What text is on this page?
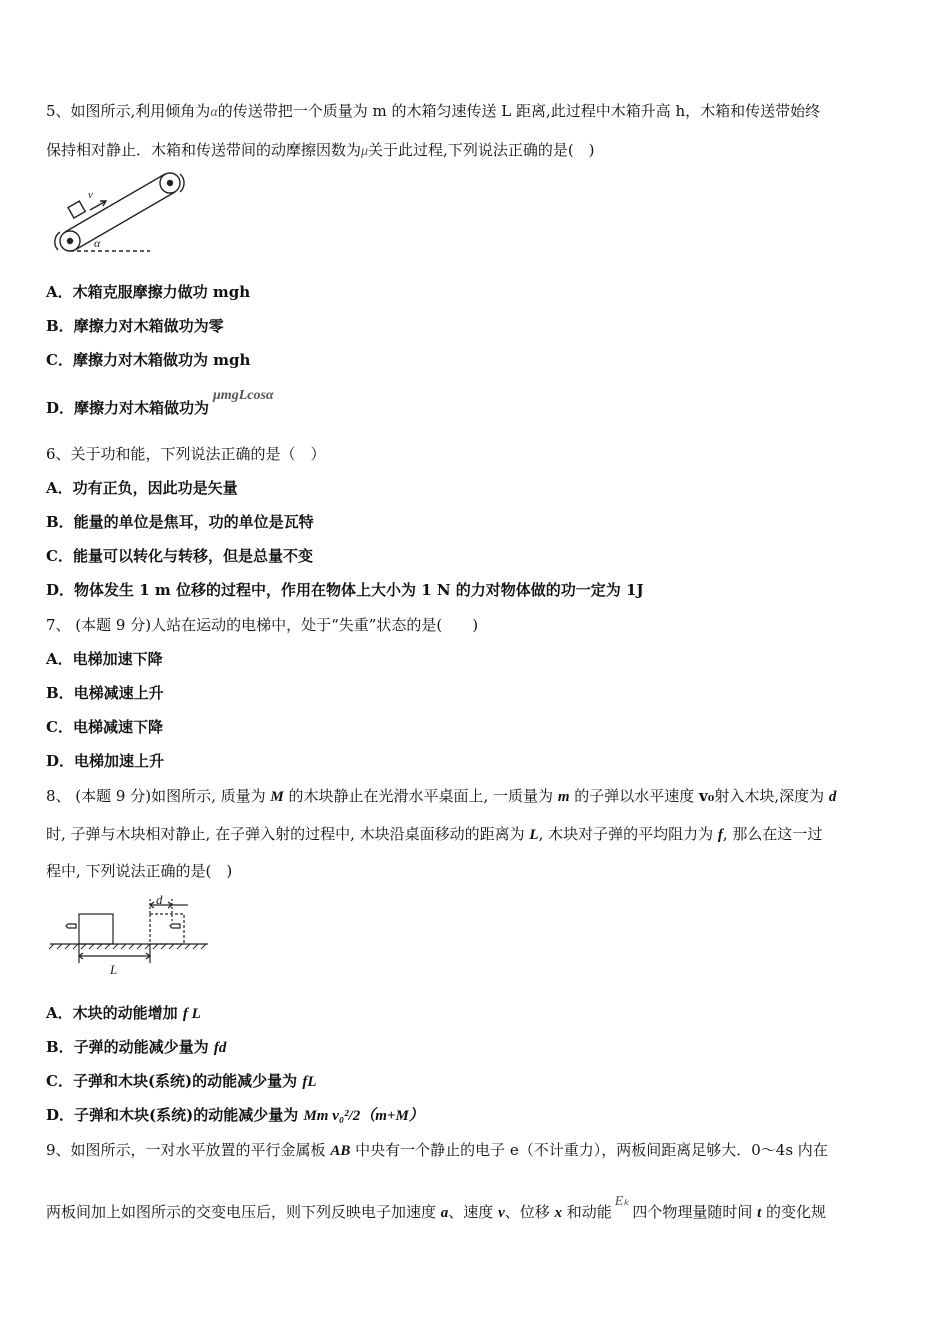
5、如图所示,利用倾角为α的传送带把一个质量为 m 的木箱匀速传送 L 距离,此过程中木箱升高 h，木箱和传送带始终
保持相对静止．木箱和传送带间的动摩擦因数为μ关于此过程,下列说法正确的是(　)
v
α
A．木箱克服摩擦力做功 mgh
B．摩擦力对木箱做功为零
C．摩擦力对木箱做功为 mgh
D．摩擦力对木箱做功为μmgLcosα
6、关于功和能，下列说法正确的是（　）
A．功有正负，因此功是矢量
B．能量的单位是焦耳，功的单位是瓦特
C．能量可以转化与转移，但是总量不变
D．物体发生 1 m 位移的过程中，作用在物体上大小为 1 N 的力对物体做的功一定为 1J
7、 (本题 9 分)人站在运动的电梯中，处于“失重”状态的是(　　)
A．电梯加速下降
B．电梯减速上升
C．电梯减速下降
D．电梯加速上升
8、 (本题 9 分)如图所示, 质量为 M 的木块静止在光滑水平桌面上, 一质量为 m 的子弹以水平速度 v₀射入木块,深度为 d
时, 子弹与木块相对静止, 在子弹入射的过程中, 木块沿桌面移动的距离为 L, 木块对子弹的平均阻力为 f, 那么在这一过
程中, 下列说法正确的是(　)
d
L
A．木块的动能增加 f L
B．子弹的动能减少量为 fd
C．子弹和木块(系统)的动能减少量为 fL
D．子弹和木块(系统)的动能减少量为 Mm v₀²/2（m+M）
9、如图所示，一对水平放置的平行金属板 AB 中央有一个静止的电子 e（不计重力），两板间距离足够大．0～4s 内在
两板间加上如图所示的交变电压后，则下列反映电子加速度 a、速度 v、位移 x 和动能Eₖ四个物理量随时间 t 的变化规
